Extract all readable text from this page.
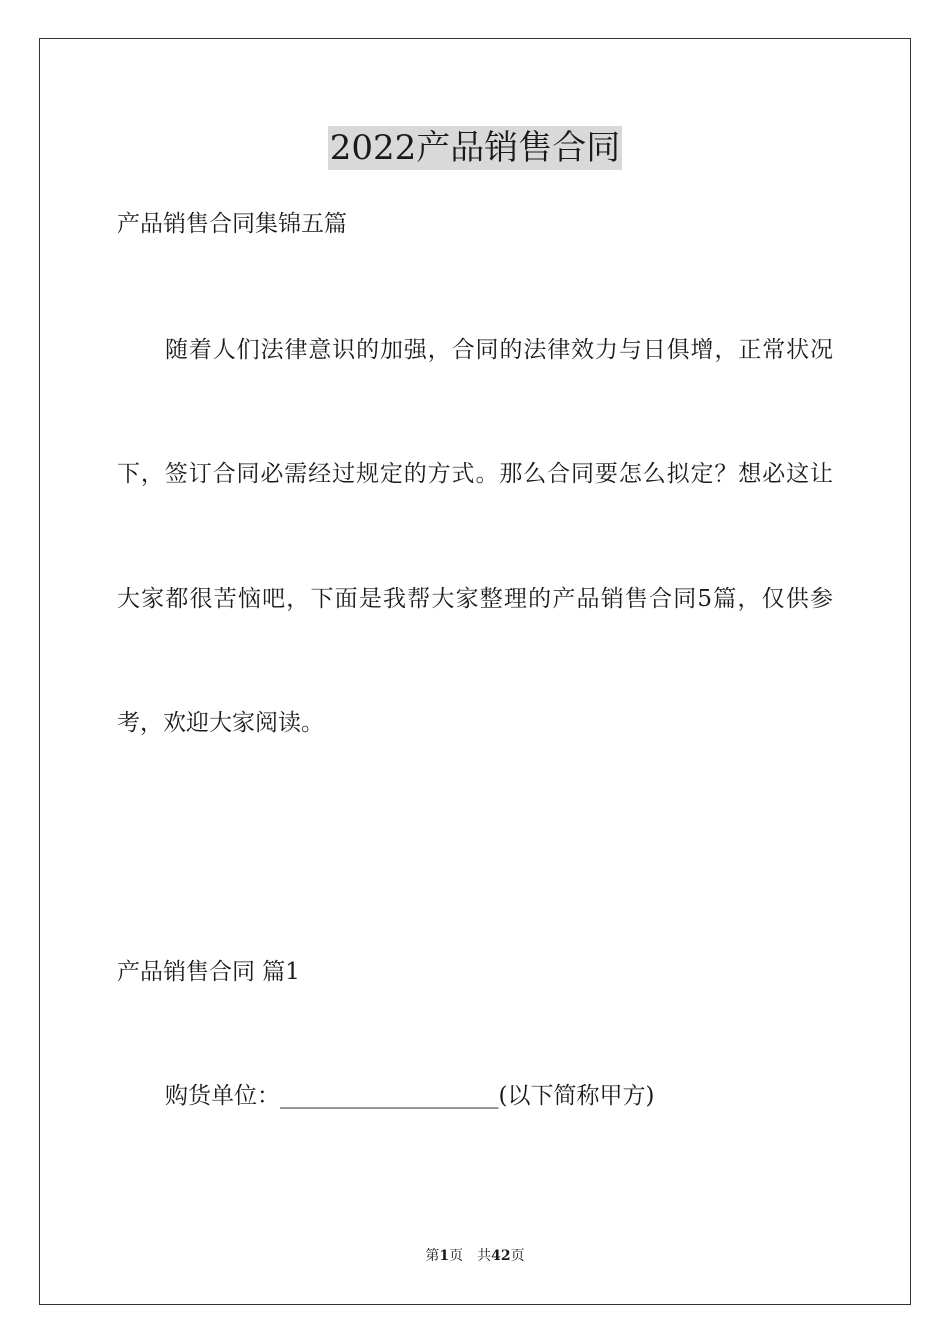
2022产品销售合同
产品销售合同集锦五篇
随着人们法律意识的加强，合同的法律效力与日俱增，正常状况
下，签订合同必需经过规定的方式。那么合同要怎么拟定？想必这让
大家都很苦恼吧，下面是我帮大家整理的产品销售合同5篇，仅供参
考，欢迎大家阅读。
产品销售合同 篇1
购货单位：___________________(以下简称甲方)
第1页 共42页
